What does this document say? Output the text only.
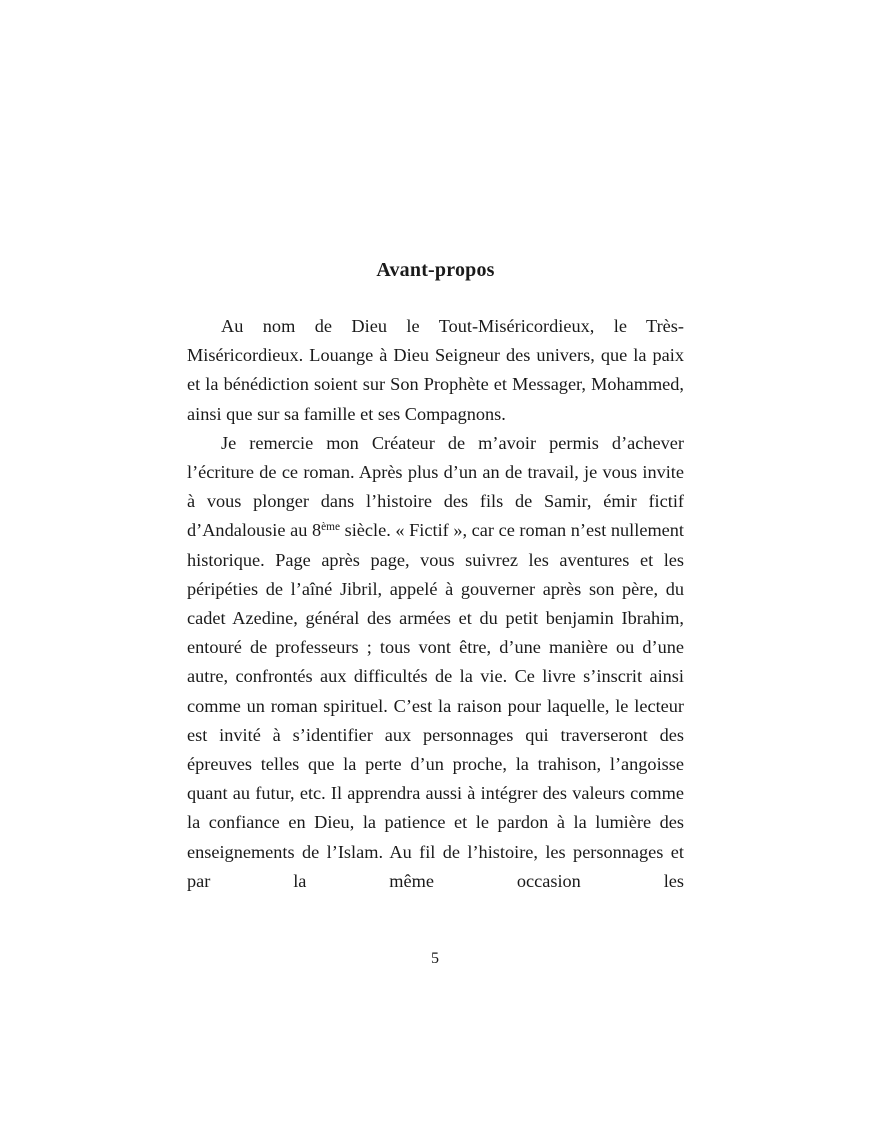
Avant-propos

Au nom de Dieu le Tout-Miséricordieux, le Très-Miséricordieux. Louange à Dieu Seigneur des univers, que la paix et la bénédiction soient sur Son Prophète et Messager, Mohammed, ainsi que sur sa famille et ses Compagnons.

Je remercie mon Créateur de m’avoir permis d’achever l’écriture de ce roman. Après plus d’un an de travail, je vous invite à vous plonger dans l’histoire des fils de Samir, émir fictif d’Andalousie au 8ème siècle. « Fictif », car ce roman n’est nullement historique. Page après page, vous suivrez les aventures et les péripéties de l’aîné Jibril, appelé à gouverner après son père, du cadet Azedine, général des armées et du petit benjamin Ibrahim, entouré de professeurs ; tous vont être, d’une manière ou d’une autre, confrontés aux difficultés de la vie. Ce livre s’inscrit ainsi comme un roman spirituel. C’est la raison pour laquelle, le lecteur est invité à s’identifier aux personnages qui traverseront des épreuves telles que la perte d’un proche, la trahison, l’angoisse quant au futur, etc. Il apprendra aussi à intégrer des valeurs comme la confiance en Dieu, la patience et le pardon à la lumière des enseignements de l’Islam. Au fil de l’histoire, les personnages et par la même occasion les

5
